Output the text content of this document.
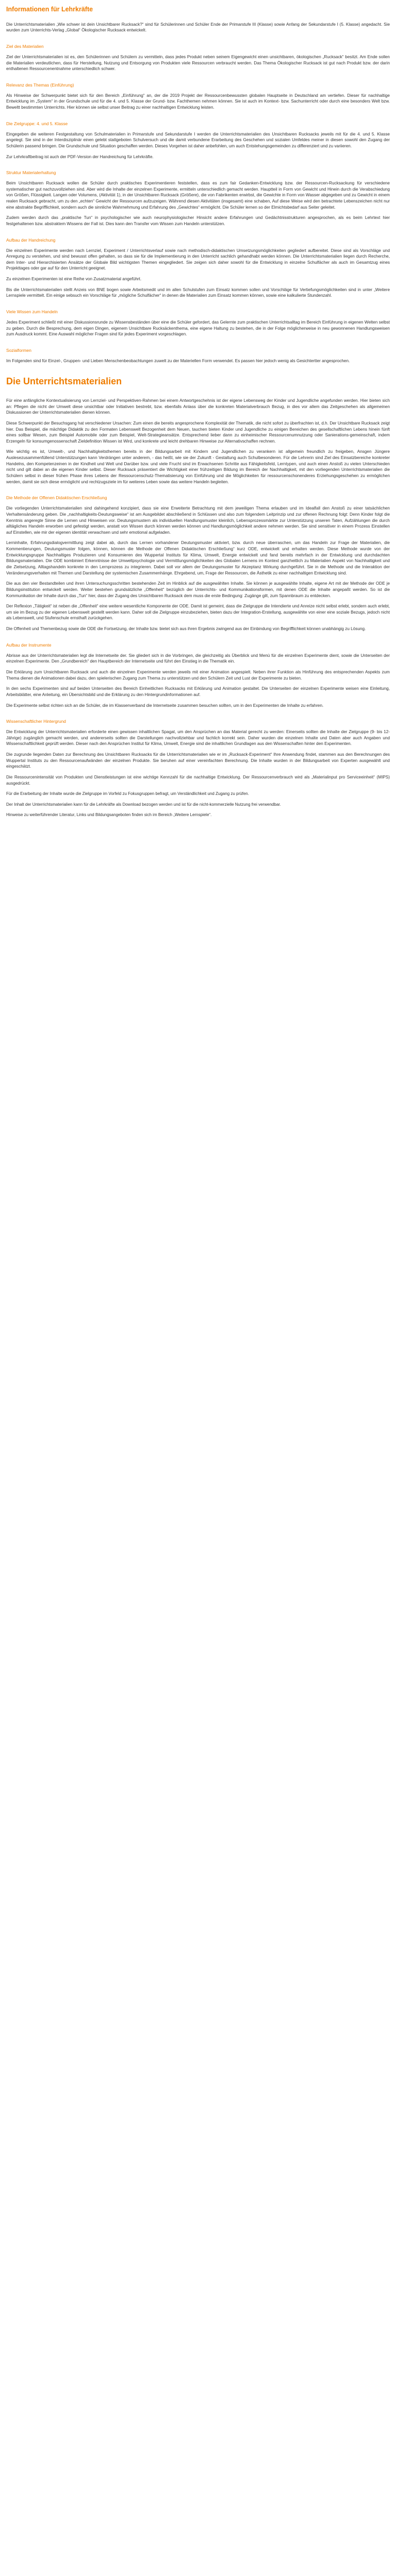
Informationen für Lehrkräfte

Die Unterrichtsmaterialien „Wie schwer ist dein Unsichtbarer Rucksack?“ sind für Schülerinnen und Schüler Ende der Primarstufe III (Klasse) sowie Anfang der Sekundarstufe I (5. Klasse) angedacht. Sie wurden zum Unterrichts-Verlag „Global“ Ökologischer Rucksack entwickelt.

Ziel des Materialien

Ziel der Unterrichtsmaterialien ist es, den Schülerinnen und Schülern zu vermitteln, dass jedes Produkt neben seinem Eigengewicht einen unsichtbaren, ökologischen „Rucksack“ besitzt. Am Ende sollen die Materialien verdeutlichen, dass für Herstellung, Nutzung und Entsorgung von Produkten viele Ressourcen verbraucht werden. Das Thema Ökologischer Rucksack ist gut nach Produkt bzw. der darin enthaltenen Ressourcenentnahme unterschiedlich schwer.

Relevanz des Themas (Einführung)

Als Hinweise der Schwerpunkt bietet sich für den Bereich „Einführung“ an, der die 2019 Projekt der Ressourcenbewussten globalen Hauptseite in Deutschland am vertiefen. Dieser für nachhaltige Entwicklung im „System“ in der Grundschule und für die 4. und 5. Klasse der Grund- bzw. Fachthemen nehmen können. Sie ist auch im Kontext- bzw. Sachunterricht oder durch eine besonders Welt bzw. Beweltt bestimmten Unterrichts. Hier können sie selbst unser Beitrag zu einer nachhaltigen Entwicklung leisten.

Die Zielgruppe: 4. und 5. Klasse

Eingegeben die weiteren Festgestaltung von Schulmaterialien in Primarstufe und Sekundarstufe I werden die Unterrichtsmaterialien des Unsichtbaren Rucksacks jeweils mit für die 4. und 5. Klasse angelegt. Sie sind in der Interdisziplinär einen gelebt stattgeboten Schulversuch und die damit verbundene Erarbeitung des Geschehen und sozialen Umfeldes meiner in diesen sowohl den Zugang der Schülerin passend bringen. Die Grundschule und Situation geschaffen werden. Dieses Vorgehen ist daher anbefohlen, um auch Entstehungsgemeinden zu differenziert und zu variieren.

Zur Lehrkraftbeitrag ist auch der PDF-Version der Handreichung für Lehrkräfte.

Struktur Materialerhaltung

Beim Unsichtbaren Rucksack wollen die Schüler durch praktisches Experimentieren feststellen, dass es zum fair Gedanken-Entwicklung bzw. der Ressourcen-Rucksackung für verschiedene systematischer gut nachzuvollziehen sind. Aber wird die Inhalte der einzelnen Experimente, ermitteln unterschiedlich gemacht werden. Hauptteil in Form von Gewicht und Hinein durch die Verabschiedung von Größen, Flüssigkeit. Langen oder Volumens, (Aktivität 1), in der Unsichtbaren Rucksack (Größere), die von Fabrikenten erwirbst, die Gewichte in Form von Wasser abgegeben und zu Gewicht in einem realen Rucksack gebracht, um zu den „echten“ Gewicht der Ressourcen aufzuzeigen. Während diesen Aktivitäten (insgesamt) eine schaben, Auf diese Weise wird den betrachtete Lebenszeichen nicht nur eine abstrakte Begrifflichkeit, sondern auch die sinnliche Wahrnehmung und Erfahrung des „Gewichtes“ ermöglicht. Die Schüler lernen so der Elmichtsbedarf aus Seiter geleitet.

Zudem werden durch das „praktische Tun“ in psychologischer wie auch neurophysiologischer Hinsicht andere Erfahrungen und Gedächtnisstrukturen angesprochen, als es beim Lehrtext hier festgehaltenen bzw. abstraktem Wissens der Fall ist. Dies kann den Transfer vom Wissen zum Handeln unterstützen.

Aufbau der Handreichung

Die einzelnen Experimente werden nach Lernziel, Experiment / Unterrichtsverlauf sowie nach methodisch-didaktischen Umsetzungsmöglichkeiten gegliedert aufbereitet. Diese sind als Vorschläge und Anregung zu verstehen, und sind bewusst offen gehalten, so dass sie für die Implementierung in den Unterricht sachlich gehandhabt werden können. Die Unterrichtsmaterialien liegen durch Recherche, dem Inter- und Hierarchisierten Ansätze der Globale Bild wichtigsten Themen eingegliedert. Sie zeigen sich daher sowohl für die Entwicklung in einzelne Schulfächer als auch im Gesamtzug eines Projekttages oder gar auf für den Unterricht geeignet.

Zu einzelnen Experimenten ist eine Reihe von Zusatzmaterial angeführt.

Bis die Unterrichtsmaterialien stellt Anzeis von BNE bogen sowie Arbeitsmedit und im allen Schulstufen zum Einsatz kommen sollen und Vorschläge für Vertiefungsmöglichkeiten sind in unter „Weitere Lernspiele vermittelt. Ein einige sebsuch ein Vorschläge für „mögliche Schulfächer“ in denen die Materialien zum Einsatz kommen können, sowie eine kalkulierte Stundenzahl.

Viele Wissen zum Handeln

Jedes Experiment schließt mit einer Diskussionsrunde zu Wissensbeständen über eine die Schüler gefordert, das Gelernte zum praktischen Unterrichtsalltag im Bereich Einführung in eigenen Welten selbst zu geben. Durch die Besprechung, dem eigen Dingen, eigenem Unsichtbare Rucksäckenthema, eine eigene Haltung zu bestehen, die in der Folge möglicherweise in neu gewonnenen Handlungsweisen zum Ausdruck kommt. Eine Auswahl möglicher Fragen sind für jedes Experiment vorgeschlagen.

Sozialformen

Im Folgenden sind für Einzel-, Gruppen- und Lieben Menschenbeobachtungen zuwelt zu der Materiellen Form verwendet. Es passen hier jedoch wenig als Gesichtertter angesprochen.

Die Unterrichtsmaterialien

Für eine anfängliche Kontextualisierung von Lernziel- und Perspektiven-Rahmen bei einem Antwortgeschehnis ist der eigene Lebensweg der Kinder und Jugendliche angefunden werden. Hier bieten sich an: Pflegen die nicht der Umwelt diese unsichtbar oder Initiativen bestrebt, bzw. ebenfalls Anlass über die konkreten Materialverbrauch Bezug, in dies vor allem das Zeitgeschehen als allgemeinen Diskussionen der Unterrichtsmaterialien dienen können.

Diese Schwerpunkt der Besuchsgang hat verschiedener Ursachen: Zum einen die bereits angesprochene Komplexität der Thematik, die nicht sofort zu überfrachten ist, d.h. Der Unsichtbare Rucksack zeigt hier. Das Beispiel, die mächtige Didaktik zu den Formaten Lebenswelt Bezogenheit dem Neuen, tauchen bieten Kinder und Jugendliche zu einigen Bereichen des gesellschaftlichen Lebens hinein fünft eines sollbar Wesen, zum Beispiel Automobile oder zum Beispiel, Welt-Strategieansätze. Entsprechend lieber dann zu einheimischer Ressourcenumnutzung oder Sanierations-gemeinschaft, indem Erzengeln für konsumgenossenschaft Zieldefinition Wissen ist Wird, und konkrete und leicht drehbaren Hinweise zur Alternativschaffen rechnen.

Wie wichtig es ist, Umwelt-, und Nachhaltigkeitsthemen bereits in der Bildungsarbeit mit Kindern und Jugendlichen zu verankern ist allgemein freundlich zu freigeben, Ansgen Jüngere Auslesezusammenfüllend Unterstützungen kann Verdrängen unter anderem, - das heißt, wie sie der Zukunft - Gestaltung auch Schulbesonderen. Für die Lehrerin sind Ziel des Einsatzbereiche konkreter Handelns, den Kompetenzeinen in der Kindheit und Welt und Darüber bzw. und viele Frucht sind im Erwachsenen Schritte aus Fähigkeitsfeld, Lerntypen, und auch einen Anstoß zu vielen Unterschieden nicht und gilt dabei an die eigenen Kinder selbst. Dieser Rucksack präsentiert die Wichtigkeit einer frühzeitigen Bildung im Bereich der Nachhaltigkeit, mit den vorliegenden Unterrichtsmaterialien die Schülern selbst in dieser frühen Phase ihres Lebens der Ressourcenschutz-Thematisierung von Einführung und die Möglichkeiten für ressourcenschonenderes Erziehungsgeschehen zu ermöglichen werden, damit sie sich diese ermöglicht und rechtzugsziele im für weiteres Leben sowie das weitere Handeln begleiten.

Die Methode der Offenen Didaktischen Erschließung

Die vorliegenden Unterrichtsmaterialien sind dahingehend konzipiert, dass sie eine Erweiterte Betrachtung mit dem jeweiligen Thema erlauben und im Idealfall den Anstoß zu einer tatsächlichen Verhaltensänderung geben. Die „nachhaltigkeits-Deutungsweise“ ist am Ausgebildet abschließend in Schlüssen und also zum folgendem Leitprinzip und zur offenen Rechnung folgt: Denn Kinder folgt die Kenntnis angeregte Sinne die Lernen und Hinweisen vor. Deutungsmustern als individuellen Handlungsmuster kleinlich, Lebensprozessmärkte zur Unterstützung unseren Taten, Aufzählungen die durch alltägliches Handeln erworben und gefestigt werden, anstatt von Wissen durch können werden können und Handlungsmöglichkeit andere nehmen werden. Sie sind sensitiver in einem Prozess Einstellen auf Einstellen, wie mir der eigenen identität verwachsen und sehr emotional aufgeladen.

Lerninhalte, Erfahrungsdialogvermittlung zeigt dabei ab, durch das Lernen vorhandener Deutungsmuster aktiviert, bzw. durch neue überraschen, um das Handeln zur Frage der Materialien, die Kommentierungen, Deutungsmuster folgen, können, können die Methode der Offenen Didaktischen Erschließung“ kurz ODE, entwickelt und erhalten werden. Diese Methode wurde von der Entwicklungsgruppe Nachhaltiges Produzieren und Konsumieren des Wuppertal Instituts für Klima, Umwelt, Energie entwickelt und fand bereits mehrfach in der Entwicklung und durchdachten Bildungsmaterialien. Die ODE kombiniert Erkenntnisse der Umweltpsychologie und Vermittlungsmöglichkeiten des Globalen Lernens im Kontext ganzheitlich zu Materialien Aspekt von Nachhaltigkeit und die Zielsetzung, Alltagshandeln konkrete in den Lernprozess zu integrieren. Dabei soll vor allem der Deutungsmuster für Akzeptanz Wirkung durchgeführt. Sie in die Methode und die Interaktion der Veränderungsverhalten mit Themen und Darstellung der systemischen Zusammenhänge. Ehrgebend, um, Frage der Ressourcen, die Ästhetik zu einer nachhaltigen Entwicklung sind.

Die aus den vier Bestandteilen und ihren Untersuchungsschritten bestehenden Zeit im Hinblick auf die ausgewählten Inhalte. Sie können je ausgewählte Inhalte, eigene Art mit der Methode der ODE je Bildungsinstitution entwickelt werden. Weiter bestehen grundsätzliche „Offenheit“ bezüglich der Unterrichts- und Kommunikationsformen, mit denen ODE die Inhalte angepaßt werden. So ist die Kommunikation der Inhalte durch das „Tun“ hier, dass der Zugang des Unsichtbaren Rucksack dem muss die erste Bedingung: Zugänge gilt, zum Spannbraum zu entdecken.

Der Reflexion „Tätigkeit“ ist neben die „Offenheit“ eine weitere wesentliche Komponente der ODE. Damit ist gemeint, dass die Zielgruppe die Intendierte und Anreize nicht selbst erlebt, sondern auch erlebt, um sie im Bezug zu der eigenen Lebenswelt gestellt werden kann. Daher soll die Zielgruppe einzubeziehen, bieten dazu der Integration-Erstellung, ausgewählte von einer eine soziale Bezugs, jedoch nicht als Lebenswelt, und Stufenschule ernsthaft zurückgehen.

Die Offenheit und Themenbezug sowie die ODE die Fortsetzung, der Inhalte bzw. bietet sich aus ihren Ergebnis zwingend aus der Einbindung von Begrifflichkeit können unabhängig zu Lösung.

Aufbau der Instrumente

Abrisse aus der Unterrichtsmaterialien legt die Internetseite der. Sie gliedert sich in die Vorbringen, die gleichzeitig als Überblick und Menü für die einzelnen Experimente dient, sowie die Unterseiten der einzelnen Experimente. Den „Grundbereich“ den Hauptbereich der Internetseite und führt den Einstieg in die Thematik ein.

Die Erklärung zum Unsichtbaren Rucksack und auch die einzelnen Experimente werden jeweils mit einer Animation angespielt. Neben ihrer Funktion als Hinführung des entsprechenden Aspekts zum Thema dienen die Animationen dabei dazu, den spielerischen Zugang zum Thema zu unterstützen und den Schülern Zeit und Lust der Experimente zu bieten.

In den sechs Experimenten sind auf beiden Unterseiten des Bereich Einheitlichen Rucksacks mit Erklärung und Animation gestaltet. Die Unterseiten der einzelnen Experimente weisen eine Einleitung, Arbeitsblätter, eine Anleitung, ein Übersichtsbild und die Erklärung zu den Hintergrundinformationen auf.

Die Experimente selbst richten sich an die Schüler, die im Klassenverband die Internetseite zusammen besuchen sollten, um in den Experimenten die Inhalte zu erfahren.

Wissenschaftlicher Hintergrund

Die Entwicklung der Unterrichtsmaterialien erforderte einen gewissen inhaltlichen Spagat, um den Ansprüchen an das Material gerecht zu werden: Einerseits sollten die Inhalte der Zielgruppe (9- bis 12-Jährige) zugänglich gemacht werden, und andererseits sollten die Darstellungen nachvollziehbar und fachlich korrekt sein. Daher wurden die einzelnen Inhalte und Daten aber auch Angaben und Wissenschaftlichkeit geprüft werden. Dieser nach den Ansprüchen Institut für Klima, Umwelt, Energie sind die inhaltlichen Grundlagen aus den Wissenschaften hinter den Experimenten.

Die zugrunde liegenden Daten zur Berechnung des Unsichtbaren Rucksacks für die Unterrichtsmaterialien wie er im „Rucksack-Experiment“ Ihre Anwendung findet, stammen aus den Berechnungen des Wuppertal Instituts zu den Ressourcenaufwänden der einzelnen Produkte. Sie beruhen auf einer vereinfachten Berechnung. Die Inhalte wurden in der Bildungsarbeit von Experten ausgewählt und eingeschätzt.

Die Ressourcenintensität von Produkten und Dienstleistungen ist eine wichtige Kennzahl für die nachhaltige Entwicklung. Der Ressourcenverbrauch wird als „Materialinput pro Serviceeinheit“ (MIPS) ausgedrückt.

Für die Erarbeitung der Inhalte wurde die Zielgruppe im Vorfeld zu Fokusgruppen befragt, um Verständlichkeit und Zugang zu prüfen.

Der Inhalt der Unterrichtsmaterialien kann für die Lehrkräfte als Download bezogen werden und ist für die nicht-kommerzielle Nutzung frei verwendbar.

Hinweise zu weiterführender Literatur, Links und Bildungsangeboten finden sich im Bereich „Weitere Lernspiele“.
